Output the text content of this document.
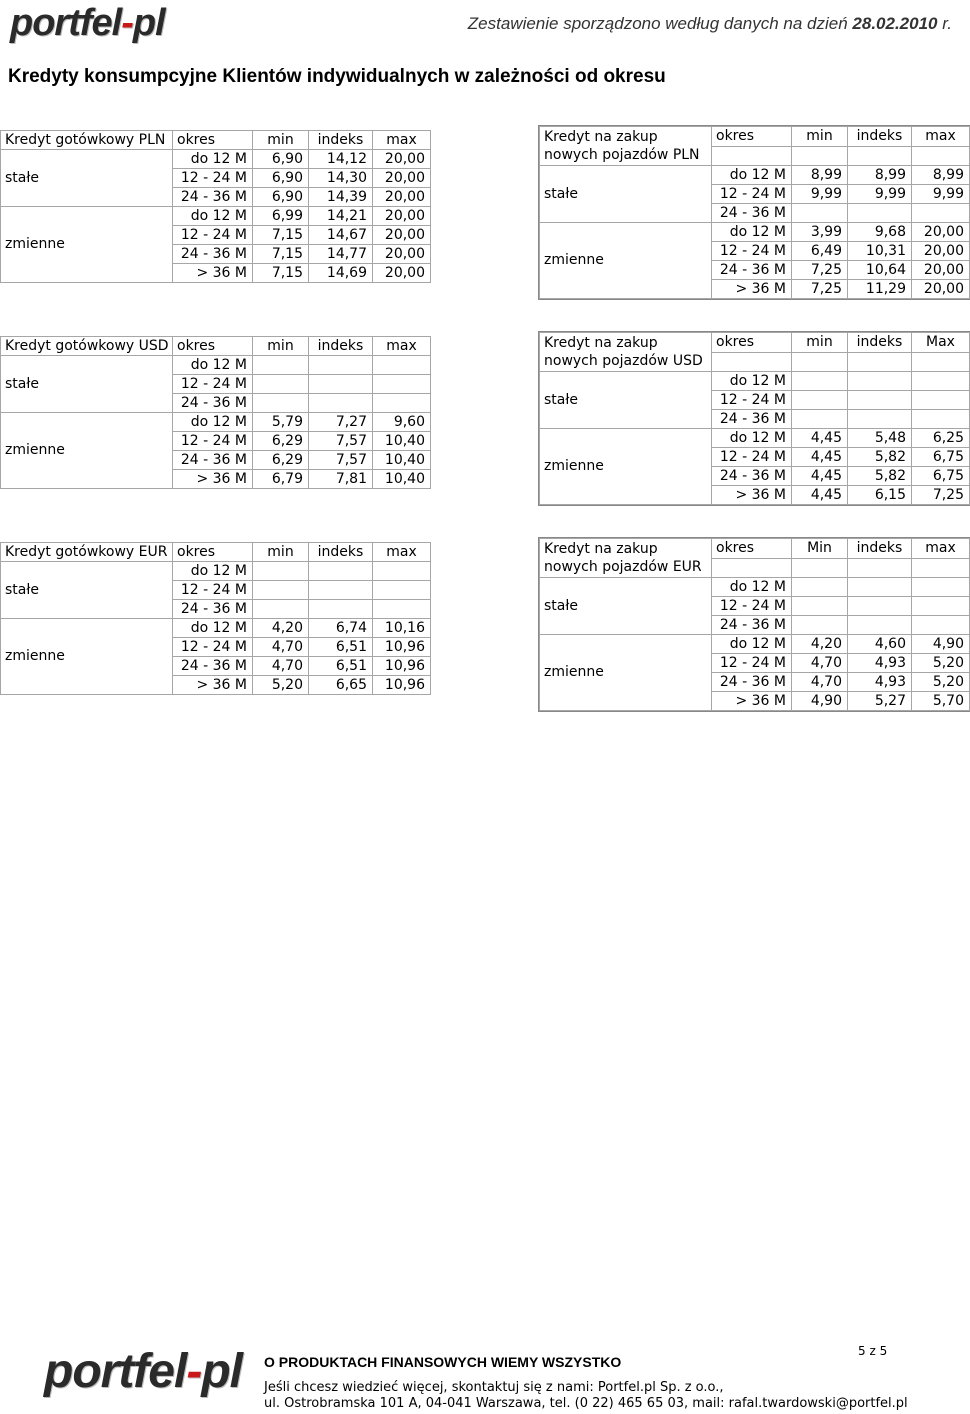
portfel-pl	Zestawienie sporządzono według danych na dzień 28.02.2010 r.
Kredyty konsumpcyjne Klientów indywidualnych w zależności od okresu
Kredyt gotówkowy PLN	okres	min	indeks	max
stałe	do 12 M	6,90	14,12	20,00
	12 - 24 M	6,90	14,30	20,00
	24 - 36 M	6,90	14,39	20,00
zmienne	do 12 M	6,99	14,21	20,00
	12 - 24 M	7,15	14,67	20,00
	24 - 36 M	7,15	14,77	20,00
	> 36 M	7,15	14,69	20,00
Kredyt na zakup
nowych pojazdów PLN	okres	min	indeks	max

stałe	do 12 M	8,99	8,99	8,99
	12 - 24 M	9,99	9,99	9,99
	24 - 36 M			
zmienne	do 12 M	3,99	9,68	20,00
	12 - 24 M	6,49	10,31	20,00
	24 - 36 M	7,25	10,64	20,00
	> 36 M	7,25	11,29	20,00
Kredyt gotówkowy USD	okres	min	indeks	max
stałe	do 12 M			
	12 - 24 M			
	24 - 36 M			
zmienne	do 12 M	5,79	7,27	9,60
	12 - 24 M	6,29	7,57	10,40
	24 - 36 M	6,29	7,57	10,40
	> 36 M	6,79	7,81	10,40
Kredyt na zakup
nowych pojazdów USD	okres	min	indeks	Max

stałe	do 12 M			
	12 - 24 M			
	24 - 36 M			
zmienne	do 12 M	4,45	5,48	6,25
	12 - 24 M	4,45	5,82	6,75
	24 - 36 M	4,45	5,82	6,75
	> 36 M	4,45	6,15	7,25
Kredyt gotówkowy EUR	okres	min	indeks	max
stałe	do 12 M			
	12 - 24 M			
	24 - 36 M			
zmienne	do 12 M	4,20	6,74	10,16
	12 - 24 M	4,70	6,51	10,96
	24 - 36 M	4,70	6,51	10,96
	> 36 M	5,20	6,65	10,96
Kredyt na zakup
nowych pojazdów EUR	okres	Min	indeks	max

stałe	do 12 M			
	12 - 24 M			
	24 - 36 M			
zmienne	do 12 M	4,20	4,60	4,90
	12 - 24 M	4,70	4,93	5,20
	24 - 36 M	4,70	4,93	5,20
	> 36 M	4,90	5,27	5,70
portfel-pl	5 z 5
O PRODUKTACH FINANSOWYCH WIEMY WSZYSTKO
Jeśli chcesz wiedzieć więcej, skontaktuj się z nami: Portfel.pl Sp. z o.o.,
ul. Ostrobramska 101 A, 04-041 Warszawa, tel. (0 22) 465 65 03, mail: rafal.twardowski@portfel.pl
